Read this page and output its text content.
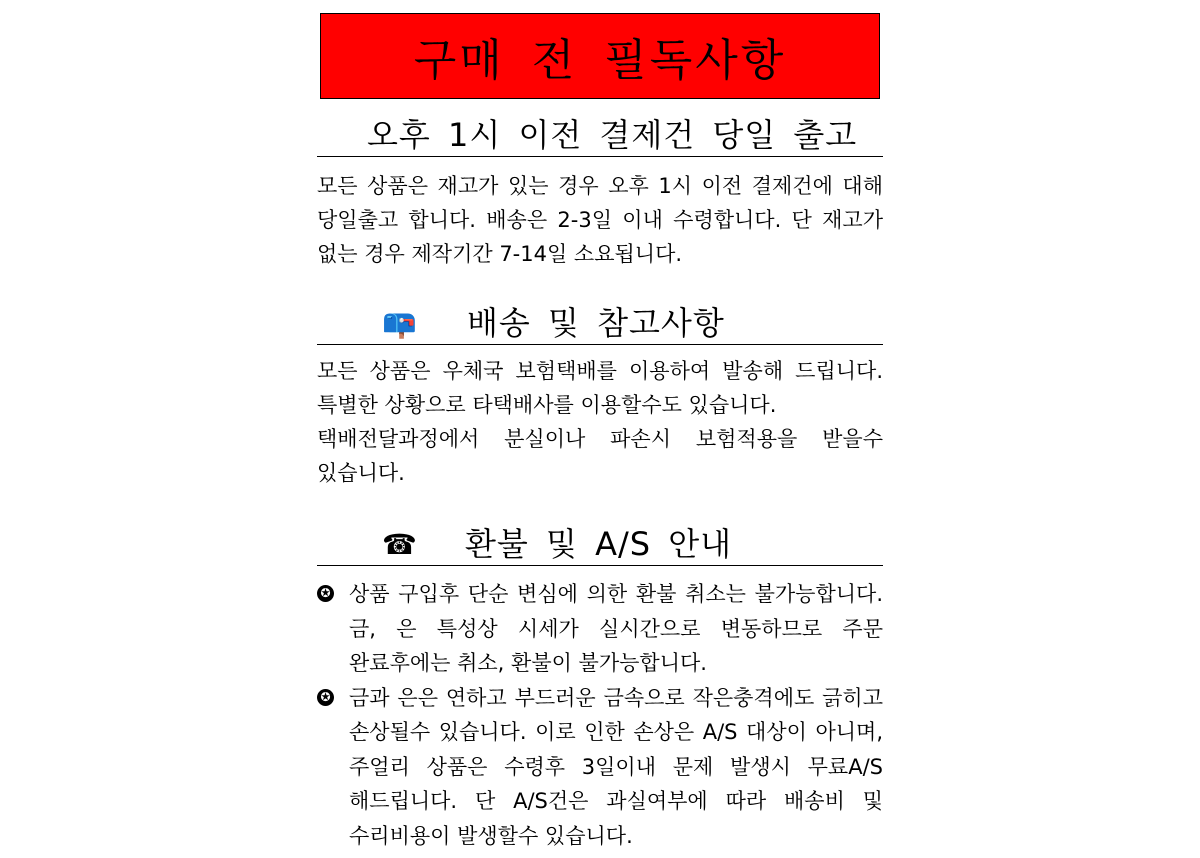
구매 전 필독사항
오후 1시 이전 결제건 당일 출고

모든 상품은 재고가 있는 경우 오후 1시 이전 결제건에 대해 당일출고 합니다. 배송은 2-3일 이내 수령합니다. 단 재고가 없는 경우 제작기간 7-14일 소요됩니다.

📪 배송 및 참고사항

모든 상품은 우체국 보험택배를 이용하여 발송해 드립니다. 특별한 상황으로 타택배사를 이용할수도 있습니다.

택배전달과정에서 분실이나 파손시 보험적용을 받을수 있습니다.

☎ 환불 및 A/S 안내
✪ 상품 구입후 단순 변심에 의한 환불 취소는 불가능합니다. 금, 은 특성상 시세가 실시간으로 변동하므로 주문 완료후에는 취소, 환불이 불가능합니다.
✪ 금과 은은 연하고 부드러운 금속으로 작은충격에도 긁히고 손상될수 있습니다. 이로 인한 손상은 A/S 대상이 아니며, 주얼리 상품은 수령후 3일이내 문제 발생시 무료A/S 해드립니다. 단 A/S건은 과실여부에 따라 배송비 및 수리비용이 발생할수 있습니다.
